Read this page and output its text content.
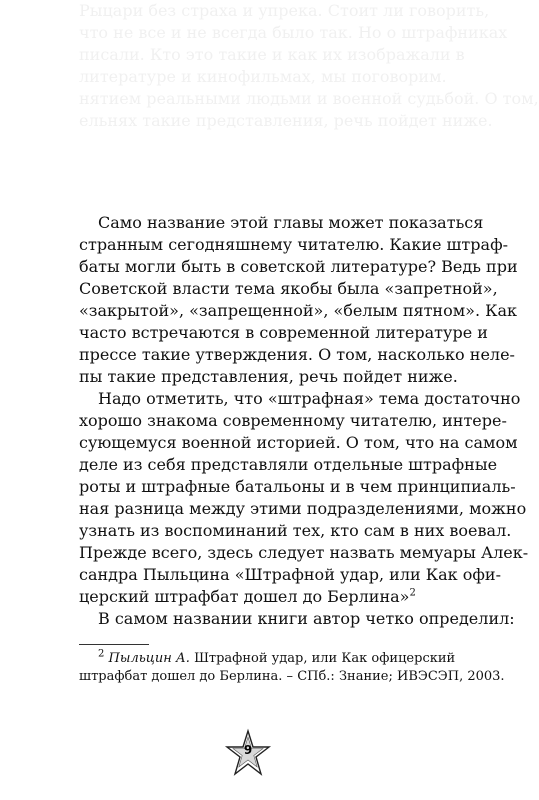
Рыцари без страха и упрека. Стоит ли говорить,
что не все и не всегда было так. Но о штрафниках
писали. Кто это такие и как их изображали в
литературе и кинофильмах, мы поговорим.
нятием реальными людьми и военной судьбой. О том,
ельнях такие представления, речь пойдет ниже.
Само название этой главы может показаться
странным сегодняшнему читателю. Какие штраф-
баты могли быть в советской литературе? Ведь при
Советской власти тема якобы была «запретной»,
«закрытой», «запрещенной», «белым пятном». Как
часто встречаются в современной литературе и
прессе такие утверждения. О том, насколько неле-
пы такие представления, речь пойдет ниже.
Надо отметить, что «штрафная» тема достаточно
хорошо знакома современному читателю, интере-
сующемуся военной историей. О том, что на самом
деле из себя представляли отдельные штрафные
роты и штрафные батальоны и в чем принципиаль-
ная разница между этими подразделениями, можно
узнать из воспоминаний тех, кто сам в них воевал.
Прежде всего, здесь следует назвать мемуары Алек-
сандра Пыльцина «Штрафной удар, или Как офи-
церский штрафбат дошел до Берлина»$^2$
В самом названии книги автор четко определил:
$^2$ Пыльцин А. Штрафной удар, или Как офицерский
штрафбат дошел до Берлина. – СПб.: Знание; ИВЭСЭП, 2003.
9
